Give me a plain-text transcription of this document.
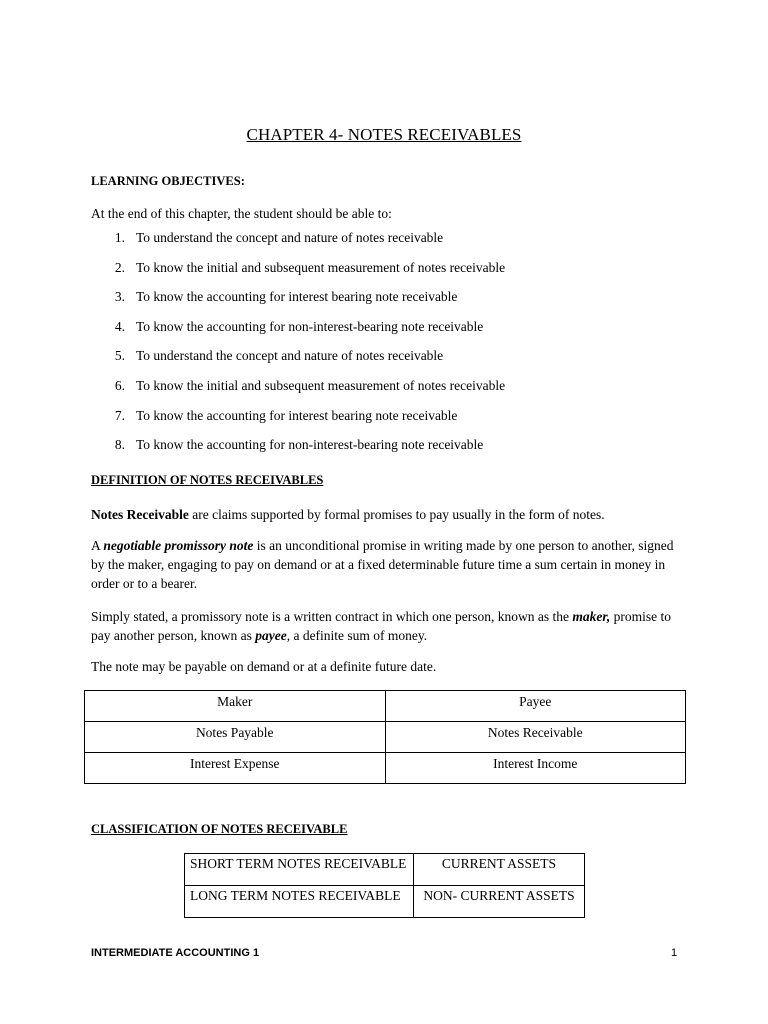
CHAPTER 4- NOTES RECEIVABLES
LEARNING OBJECTIVES:
At the end of this chapter, the student should be able to:
1. To understand the concept and nature of notes receivable
2. To know the initial and subsequent measurement of notes receivable
3. To know the accounting for interest bearing note receivable
4. To know the accounting for non-interest-bearing note receivable
5. To understand the concept and nature of notes receivable
6. To know the initial and subsequent measurement of notes receivable
7. To know the accounting for interest bearing note receivable
8. To know the accounting for non-interest-bearing note receivable
DEFINITION OF NOTES RECEIVABLES
Notes Receivable are claims supported by formal promises to pay usually in the form of notes.
A negotiable promissory note is an unconditional promise in writing made by one person to another, signed by the maker, engaging to pay on demand or at a fixed determinable future time a sum certain in money in order or to a bearer.
Simply stated, a promissory note is a written contract in which one person, known as the maker, promise to pay another person, known as payee, a definite sum of money.
The note may be payable on demand or at a definite future date.
Maker	Payee
Notes Payable	Notes Receivable
Interest Expense	Interest Income
CLASSIFICATION OF NOTES RECEIVABLE
SHORT TERM NOTES RECEIVABLE	CURRENT ASSETS
LONG TERM NOTES RECEIVABLE	NON- CURRENT ASSETS
INTERMEDIATE ACCOUNTING 1	1
